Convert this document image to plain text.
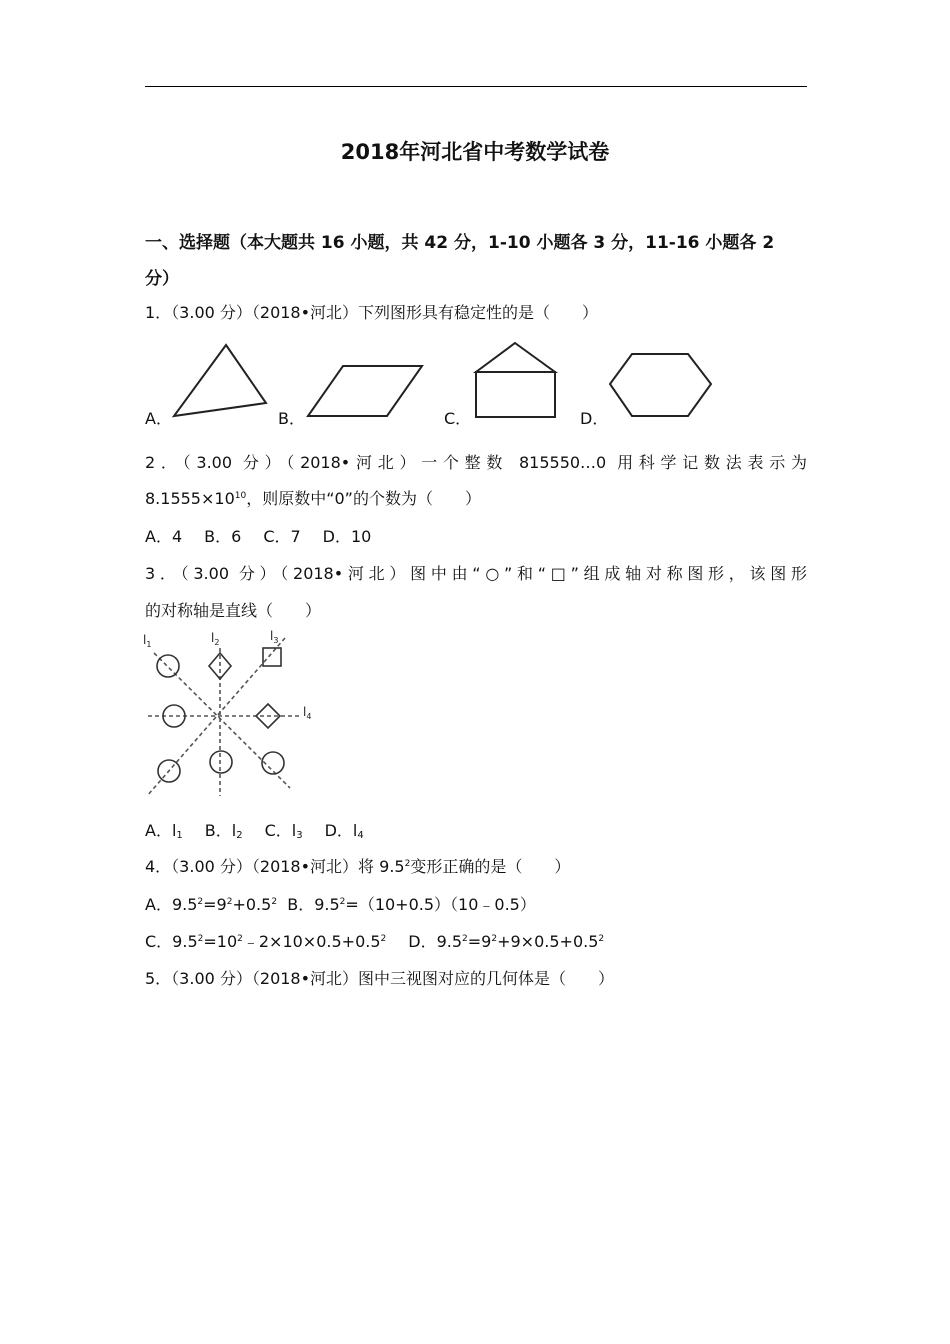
2018年河北省中考数学试卷
一、选择题（本大题共 16 小题，共 42 分，1-10 小题各 3 分，11-16 小题各 2
分）
1．（3.00 分）（2018•河北）下列图形具有稳定性的是（　　）
A．	B．	C．	D．
2．（3.00 分）（2018•河北）一个整数 815550…0 用科学记数法表示为
$8.1555\times 10^{10}$，则原数中“0”的个数为（　　）
A．4 B．6 C．7 D．10
3．（3.00 分）（2018•河北）图中由“○”和“□”组成轴对称图形，该图形
的对称轴是直线（　　）
$l_1$	$l_2$	$l_3$
$l_4$
A．$l_1$ B．$l_2$ C．$l_3$ D．$l_4$
4．（3.00 分）（2018•河北）将 $9.5^2$变形正确的是（　　）
A．$9.5^2=9^2+0.5^2$ B．$9.5^2=(10+0.5)(10﹣0.5)$
C．$9.5^2=10^2﹣2\times 10\times 0.5+0.5^2$ D．$9.5^2=9^2+9\times 0.5+0.5^2$
5．（3.00 分）（2018•河北）图中三视图对应的几何体是（　　）
